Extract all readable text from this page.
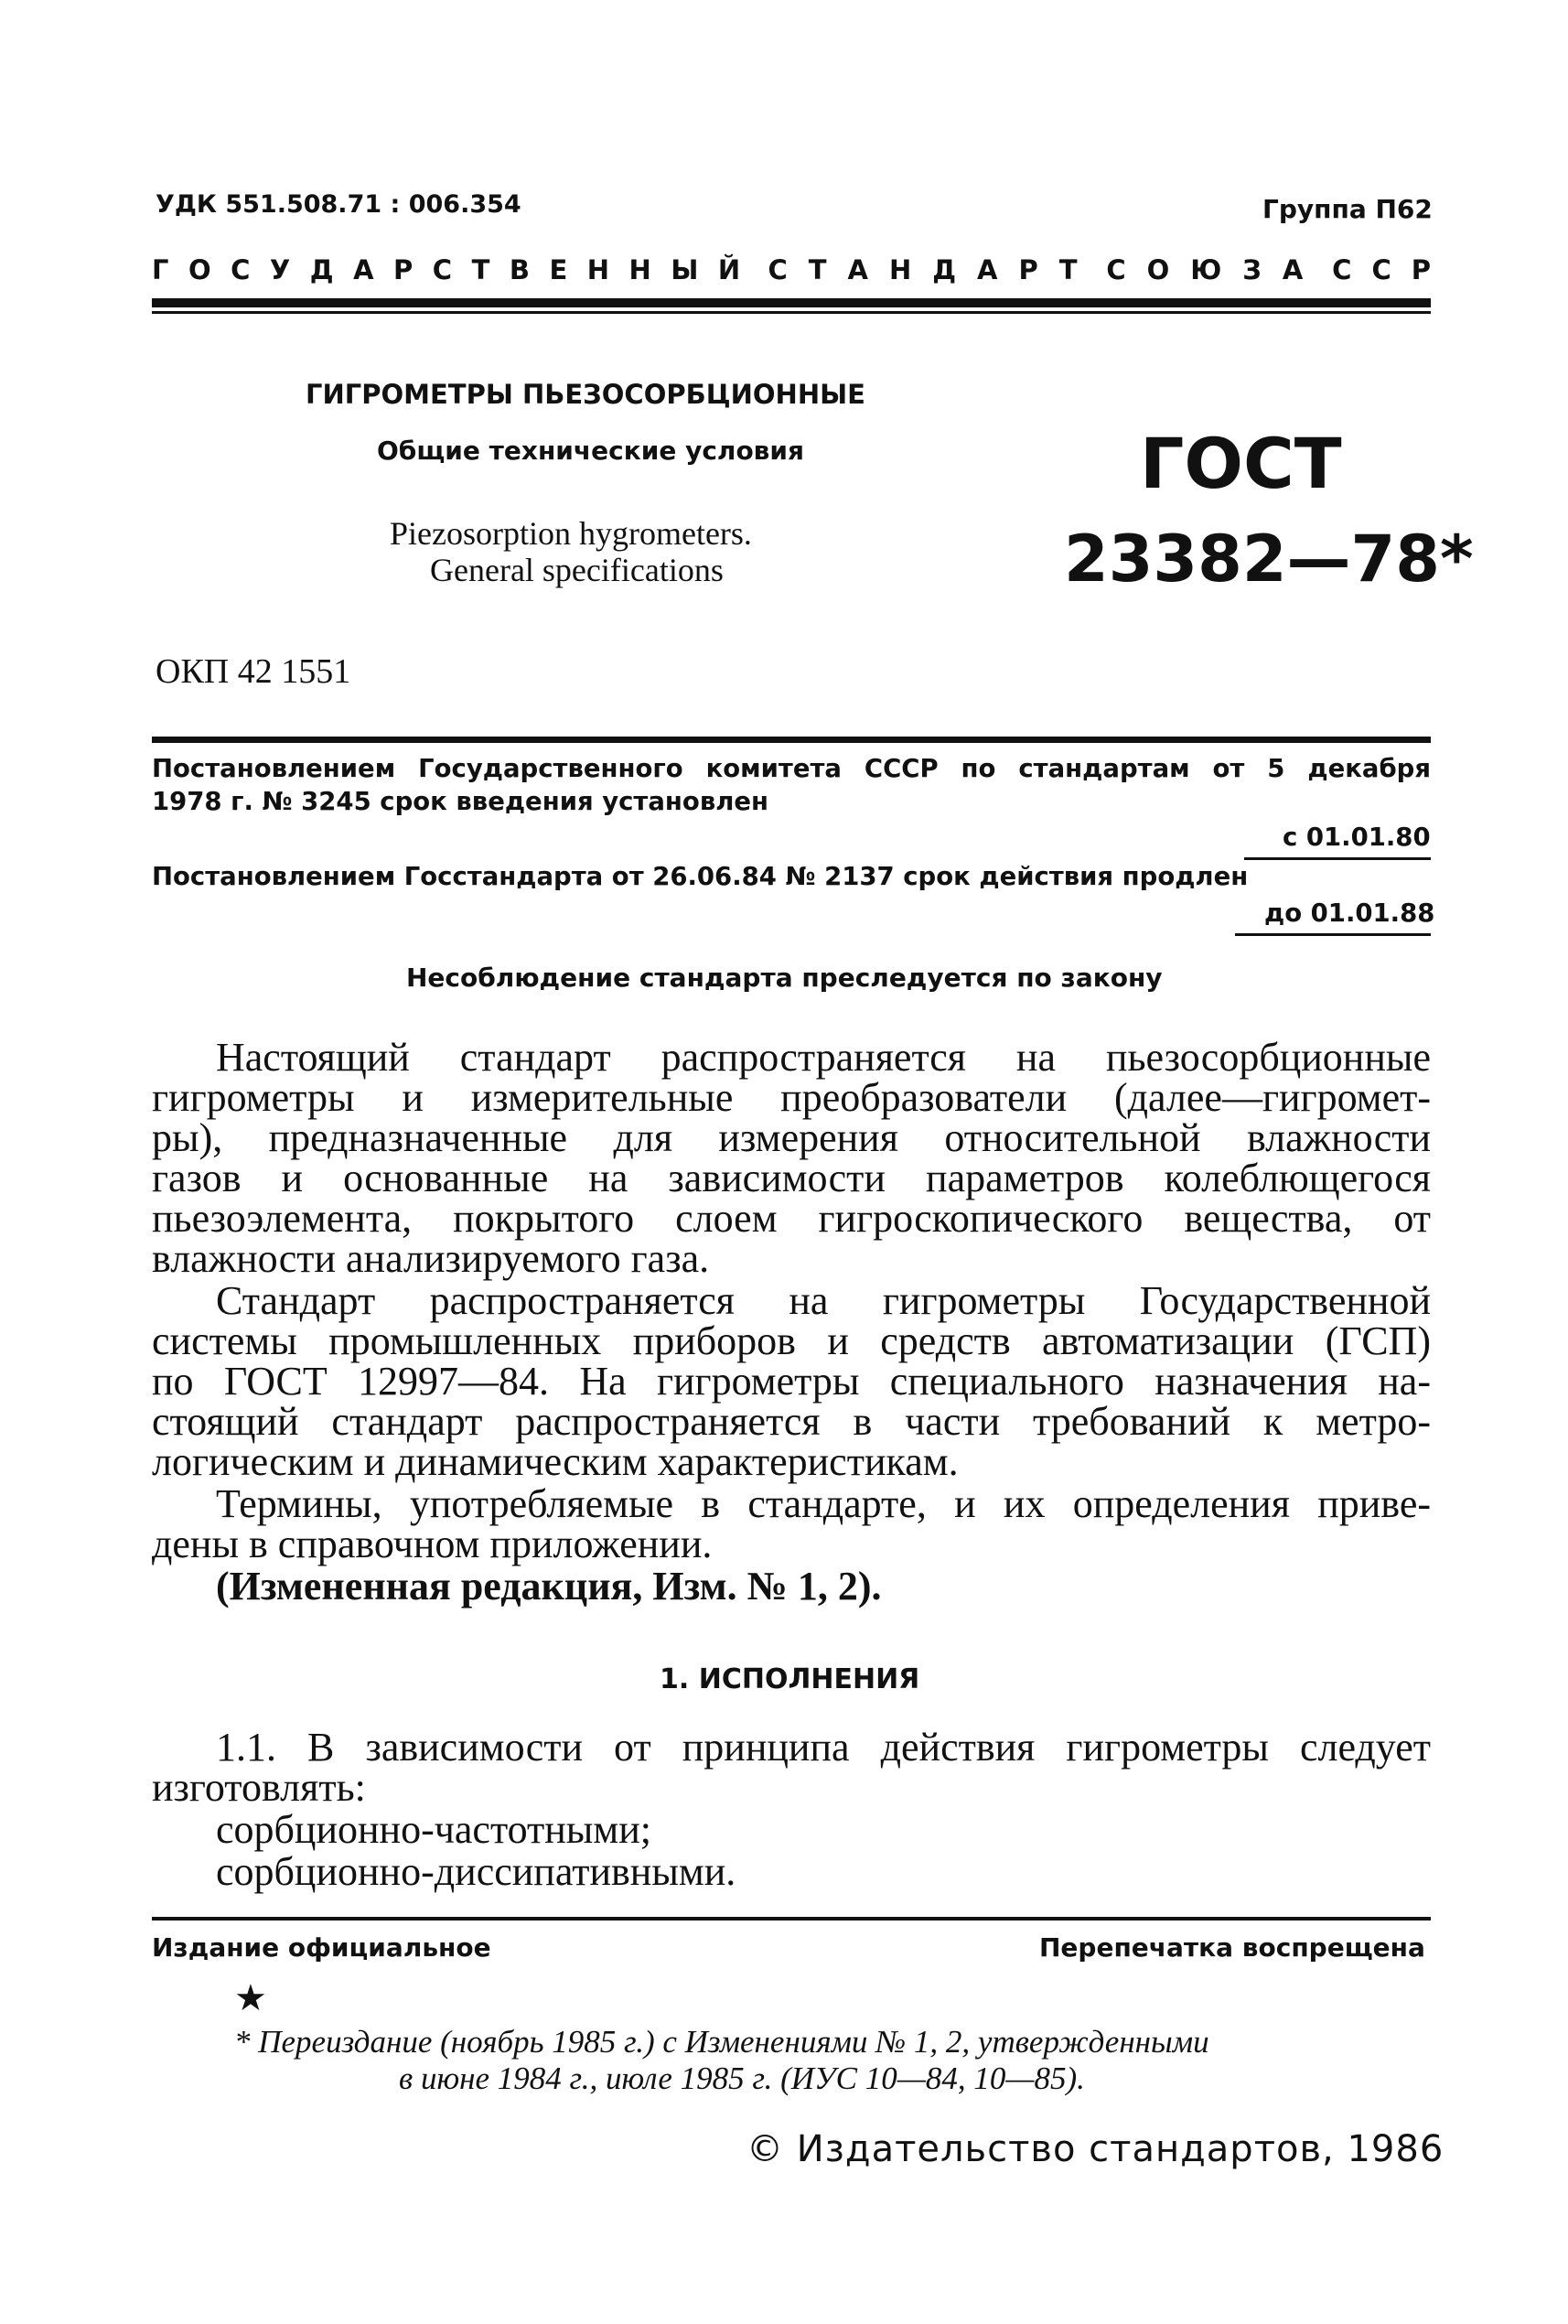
УДК 551.508.71 : 006.354	Группа П62
ГОСУДАРСТВЕННЫЙ СТАНДАРТ СОЮЗА ССР
ГИГРОМЕТРЫ ПЬЕЗОСОРБЦИОННЫЕ
Общие технические условия
Piezosorption hygrometers.
General specifications
ГОСТ
23382—78*
ОКП 42 1551
Постановлением Государственного комитета СССР по стандартам от 5 декабря
1978 г. № 3245 срок введения установлен
с 01.01.80
Постановлением Госстандарта от 26.06.84 № 2137 срок действия продлен
до 01.01.88
Несоблюдение стандарта преследуется по закону
Настоящий стандарт распространяется на пьезосорбционные
гигрометры и измерительные преобразователи (далее—гигромет-
ры), предназначенные для измерения относительной влажности
газов и основанные на зависимости параметров колеблющегося
пьезоэлемента, покрытого слоем гигроскопического вещества, от
влажности анализируемого газа.
Стандарт распространяется на гигрометры Государственной
системы промышленных приборов и средств автоматизации (ГСП)
по ГОСТ 12997—84. На гигрометры специального назначения на-
стоящий стандарт распространяется в части требований к метро-
логическим и динамическим характеристикам.
Термины, употребляемые в стандарте, и их определения приве-
дены в справочном приложении.
(Измененная редакция, Изм. № 1, 2).
1. ИСПОЛНЕНИЯ
1.1. В зависимости от принципа действия гигрометры следует
изготовлять:
сорбционно-частотными;
сорбционно-диссипативными.
Издание официальное	Перепечатка воспрещена
★
* Переиздание (ноябрь 1985 г.) с Изменениями № 1, 2, утвержденными
в июне 1984 г., июле 1985 г. (ИУС 10—84, 10—85).
© Издательство стандартов, 1986
